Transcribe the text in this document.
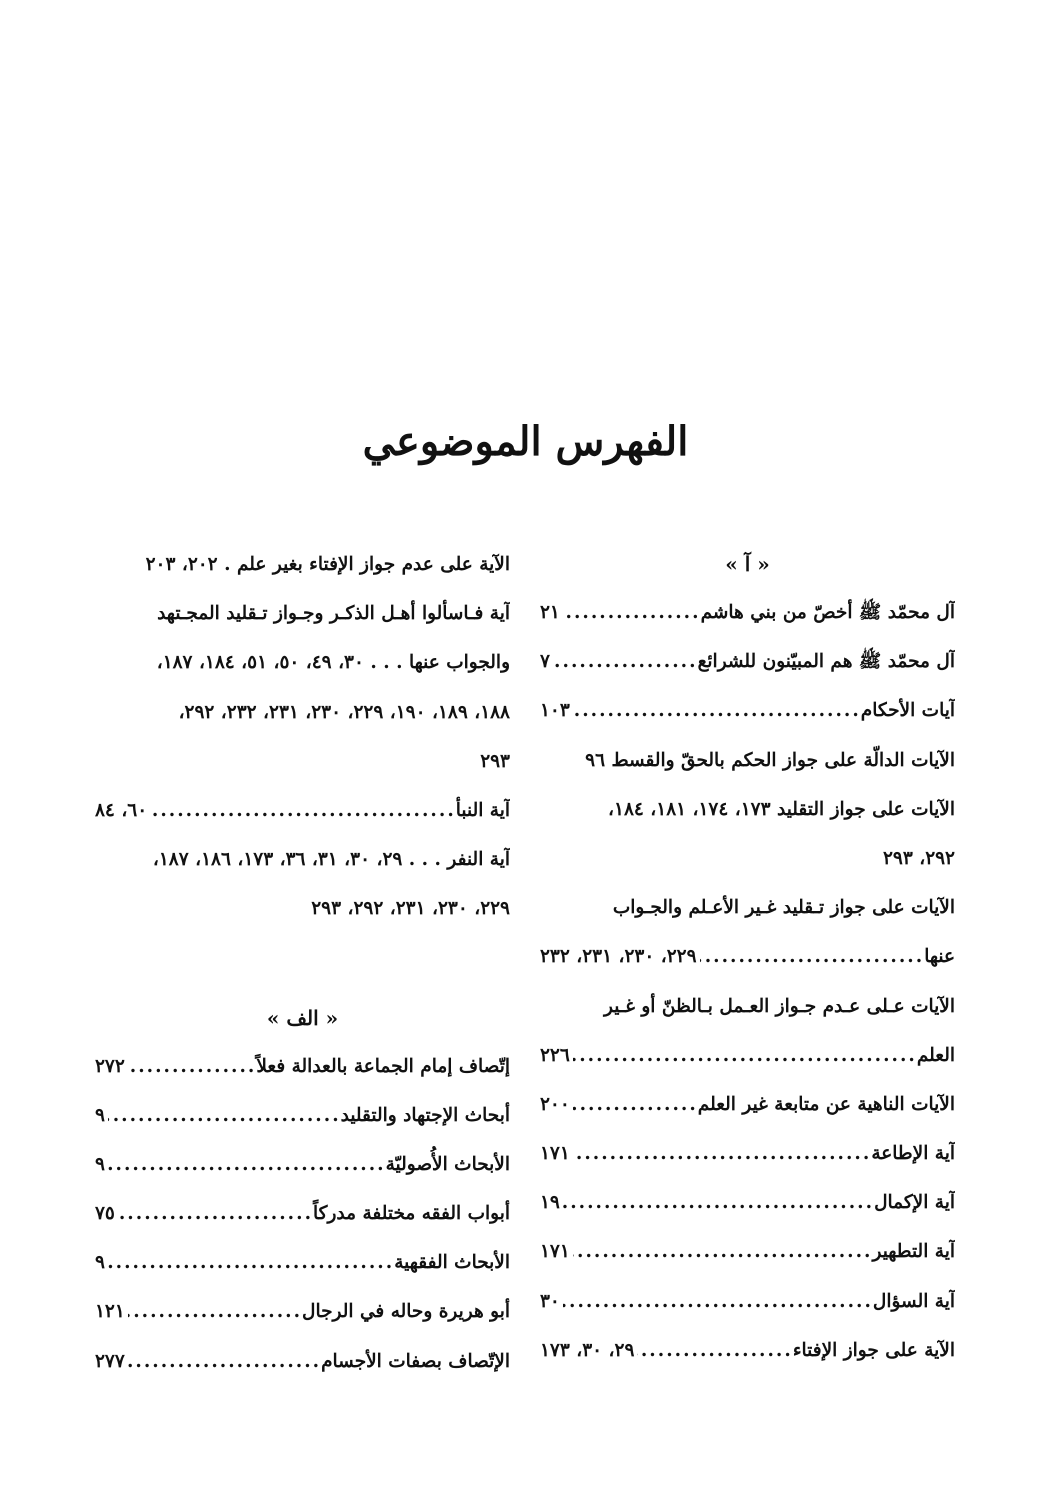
الفهرس الموضوعي
« آ »
آل محمّد ﷺ أخصّ من بني هاشم
.....
٢١
آل محمّد ﷺ هم المبيّنون للشرائع
.....
٧
آيات الأحكام
.....
١٠٣
الآيات الدالّة على جواز الحكم بالحقّ والقسط ٩٦
الآيات على جواز التقليد ١٧٣، ١٧٤، ١٨١، ١٨٤،
٢٩٢، ٢٩٣
الآيات على جواز تـقليد غـير الأعـلم والجـواب
عنها
.....
٢٢٩، ٢٣٠، ٢٣١، ٢٣٢
الآيات عـلى عـدم جـواز العـمل بـالظنّ أو غـير
العلم
.....
٢٢٦
الآيات الناهية عن متابعة غير العلم
.....
٢٠٠
آية الإطاعة
.....
١٧١
آية الإكمال
.....
١٩
آية التطهير
.....
١٧١
آية السؤال
.....
٣٠
الآية على جواز الإفتاء
.....
٢٩، ٣٠، ١٧٣
الآية على عدم جواز الإفتاء بغير علم . ٢٠٢، ٢٠٣
آية فـاسألوا أهـل الذكـر وجـواز تـقليد المجـتهد
والجواب عنها . . . ٣٠، ٤٩، ٥٠، ٥١، ١٨٤، ١٨٧،
١٨٨، ١٨٩، ١٩٠، ٢٢٩، ٢٣٠، ٢٣١، ٢٣٢، ٢٩٢،
٢٩٣
آية النبأ
.....
٦٠، ٨٤
آية النفر . . . ٢٩، ٣٠، ٣١، ٣٦، ١٧٣، ١٨٦، ١٨٧،
٢٢٩، ٢٣٠، ٢٣١، ٢٩٢، ٢٩٣
« الف »
إتّصاف إمام الجماعة بالعدالة فعلاً
.....
٢٧٢
أبحاث الإجتهاد والتقليد
.....
٩
الأبحاث الأُصوليّة
.....
٩
أبواب الفقه مختلفة مدركاً
.....
٧٥
الأبحاث الفقهية
.....
٩
أبو هريرة وحاله في الرجال
.....
١٢١
الإتّصاف بصفات الأجسام
.....
٢٧٧
